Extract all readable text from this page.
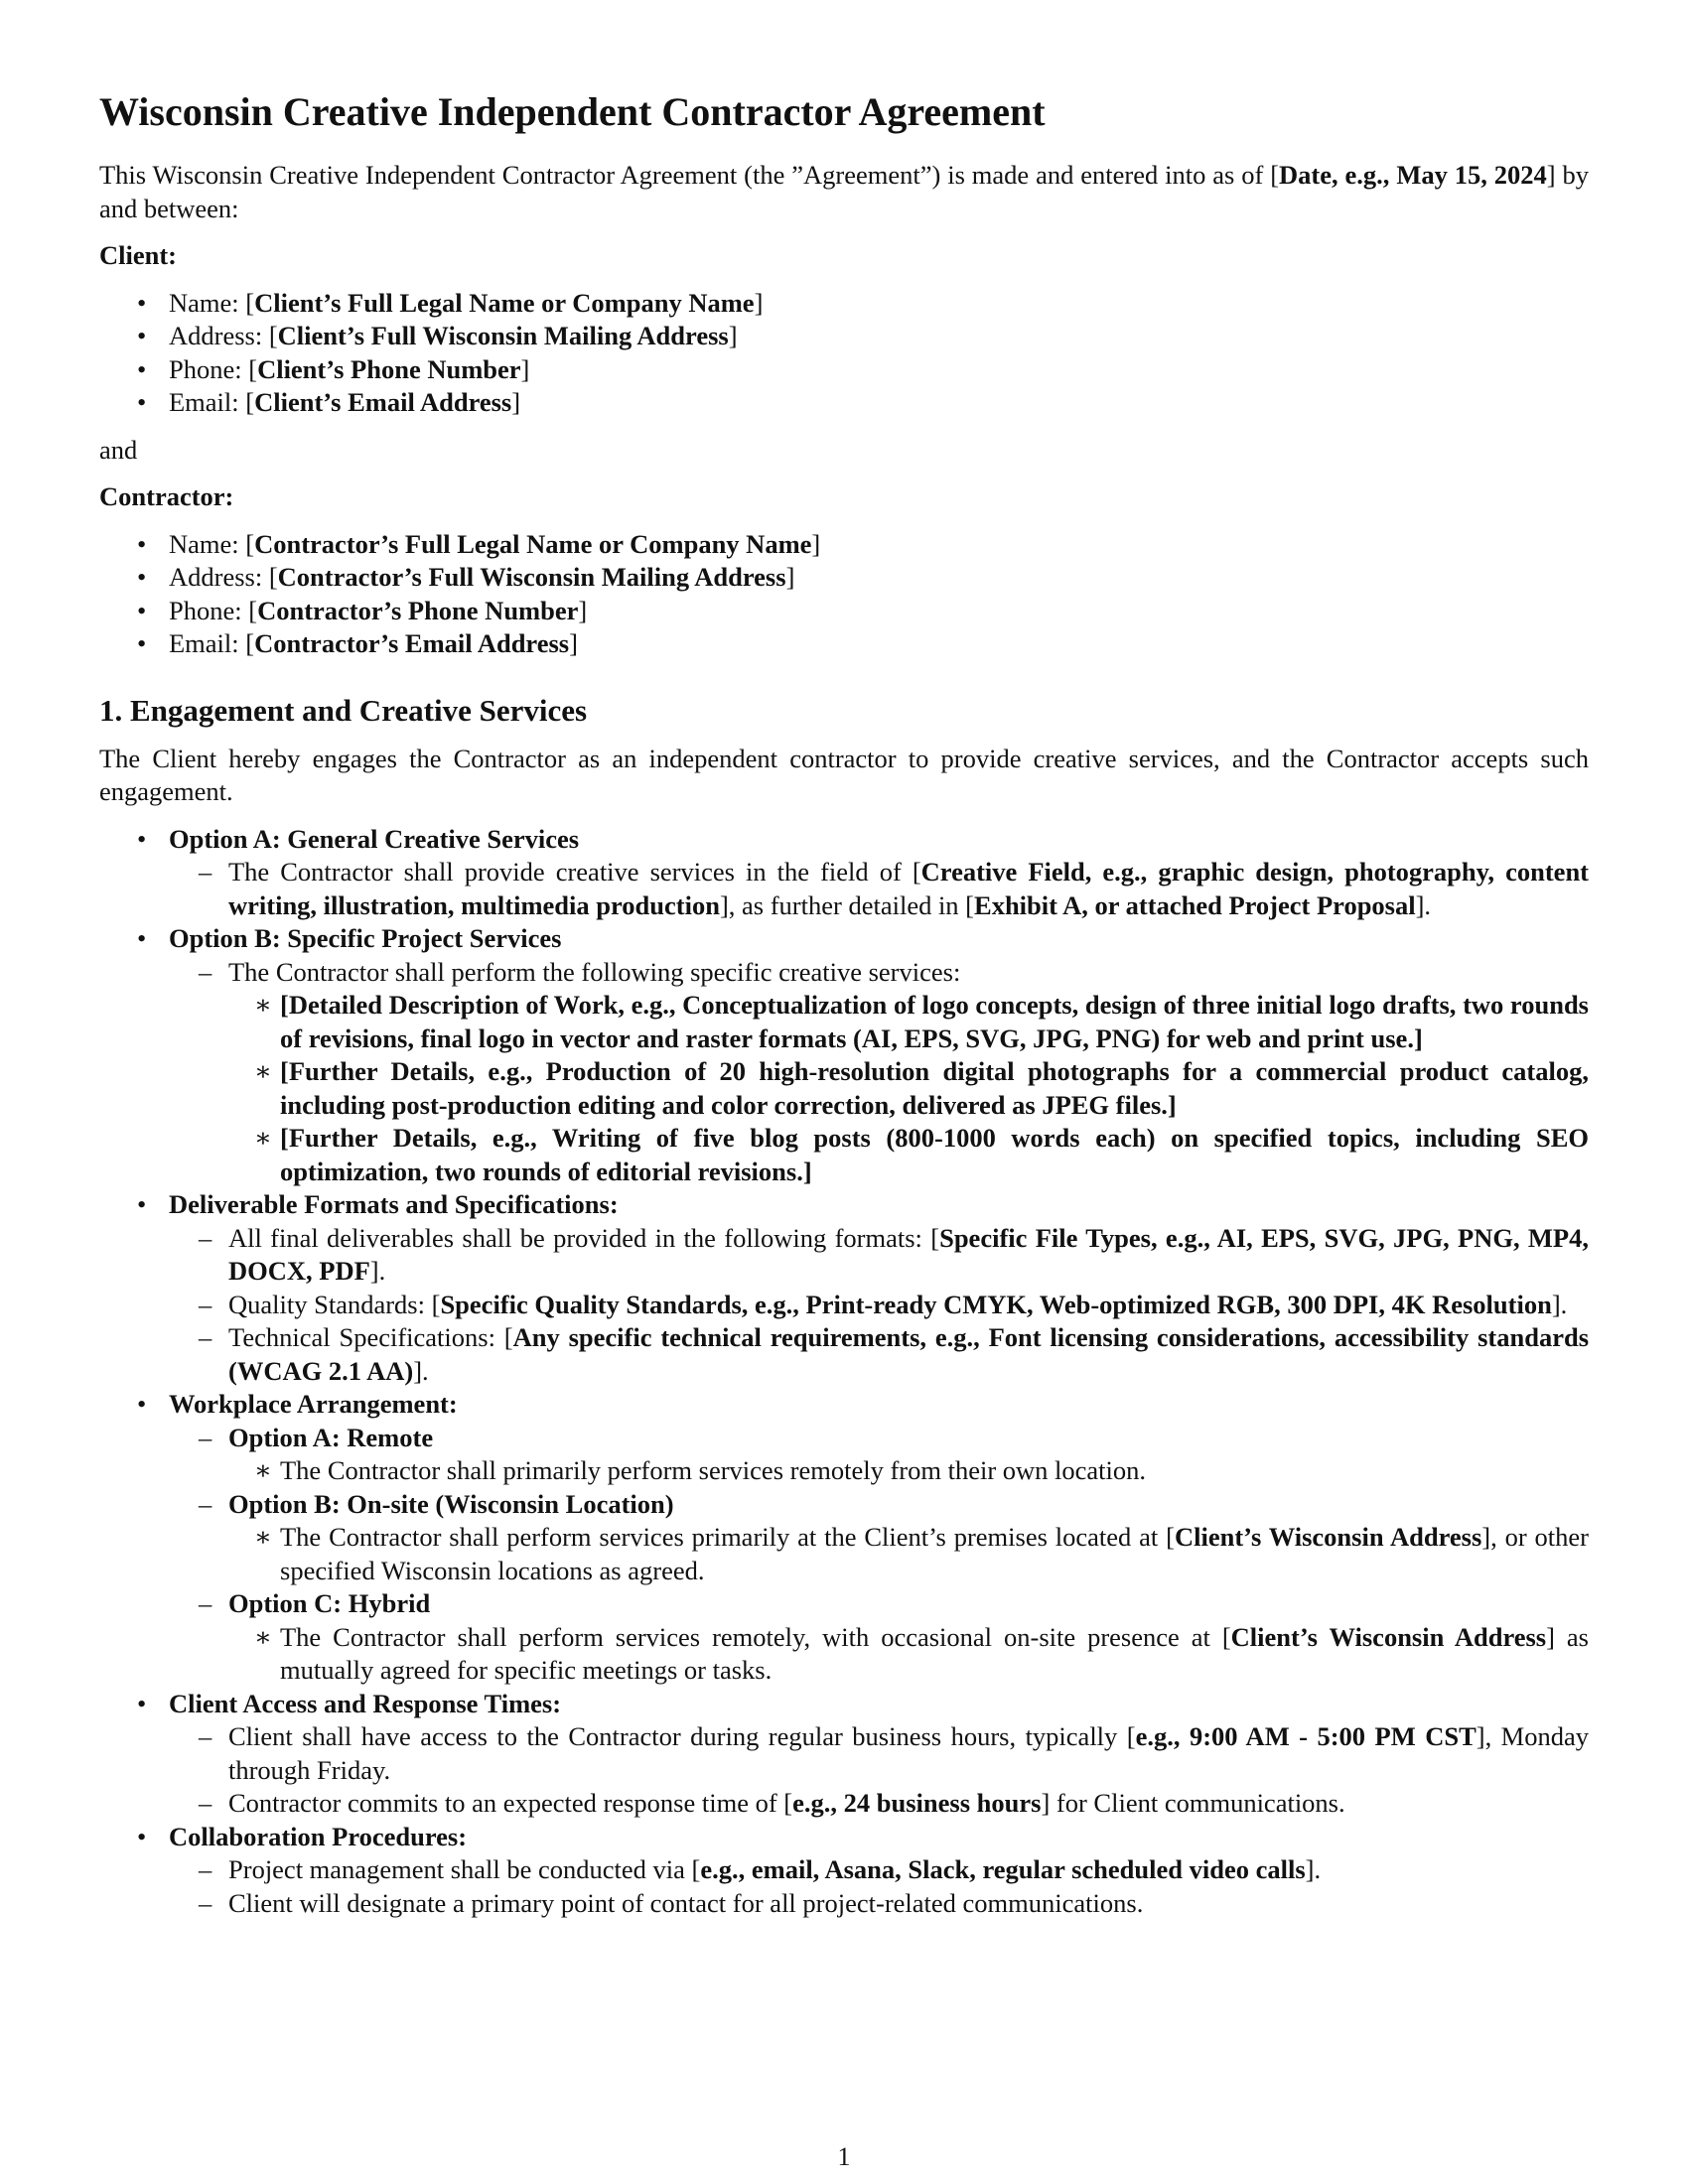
Wisconsin Creative Independent Contractor Agreement

This Wisconsin Creative Independent Contractor Agreement (the ”Agreement”) is made and entered into as of [Date, e.g., May 15, 2024] by and between:

Client:
• Name: [Client’s Full Legal Name or Company Name]
• Address: [Client’s Full Wisconsin Mailing Address]
• Phone: [Client’s Phone Number]
• Email: [Client’s Email Address]

and

Contractor:
• Name: [Contractor’s Full Legal Name or Company Name]
• Address: [Contractor’s Full Wisconsin Mailing Address]
• Phone: [Contractor’s Phone Number]
• Email: [Contractor’s Email Address]
1. Engagement and Creative Services

The Client hereby engages the Contractor as an independent contractor to provide creative services, and the Contractor accepts such engagement.

• Option A: General Creative Services
– The Contractor shall provide creative services in the field of [Creative Field, e.g., graphic design, photography, content writing, illustration, multimedia production], as further detailed in [Exhibit A, or attached Project Proposal].
• Option B: Specific Project Services
– The Contractor shall perform the following specific creative services:
∗ [Detailed Description of Work, e.g., Conceptualization of logo concepts, design of three initial logo drafts, two rounds of revisions, final logo in vector and raster formats (AI, EPS, SVG, JPG, PNG) for web and print use.]
∗ [Further Details, e.g., Production of 20 high-resolution digital photographs for a commercial product catalog, including post-production editing and color correction, delivered as JPEG files.]
∗ [Further Details, e.g., Writing of five blog posts (800-1000 words each) on specified topics, including SEO optimization, two rounds of editorial revisions.]
• Deliverable Formats and Specifications:
– All final deliverables shall be provided in the following formats: [Specific File Types, e.g., AI, EPS, SVG, JPG, PNG, MP4, DOCX, PDF].
– Quality Standards: [Specific Quality Standards, e.g., Print-ready CMYK, Web-optimized RGB, 300 DPI, 4K Resolution].
– Technical Specifications: [Any specific technical requirements, e.g., Font licensing considerations, accessibility standards (WCAG 2.1 AA)].
• Workplace Arrangement:
– Option A: Remote
∗ The Contractor shall primarily perform services remotely from their own location.
– Option B: On-site (Wisconsin Location)
∗ The Contractor shall perform services primarily at the Client’s premises located at [Client’s Wisconsin Address], or other specified Wisconsin locations as agreed.
– Option C: Hybrid
∗ The Contractor shall perform services remotely, with occasional on-site presence at [Client’s Wisconsin Address] as mutually agreed for specific meetings or tasks.
• Client Access and Response Times:
– Client shall have access to the Contractor during regular business hours, typically [e.g., 9:00 AM - 5:00 PM CST], Monday through Friday.
– Contractor commits to an expected response time of [e.g., 24 business hours] for Client communications.
• Collaboration Procedures:
– Project management shall be conducted via [e.g., email, Asana, Slack, regular scheduled video calls].
– Client will designate a primary point of contact for all project-related communications.
1
